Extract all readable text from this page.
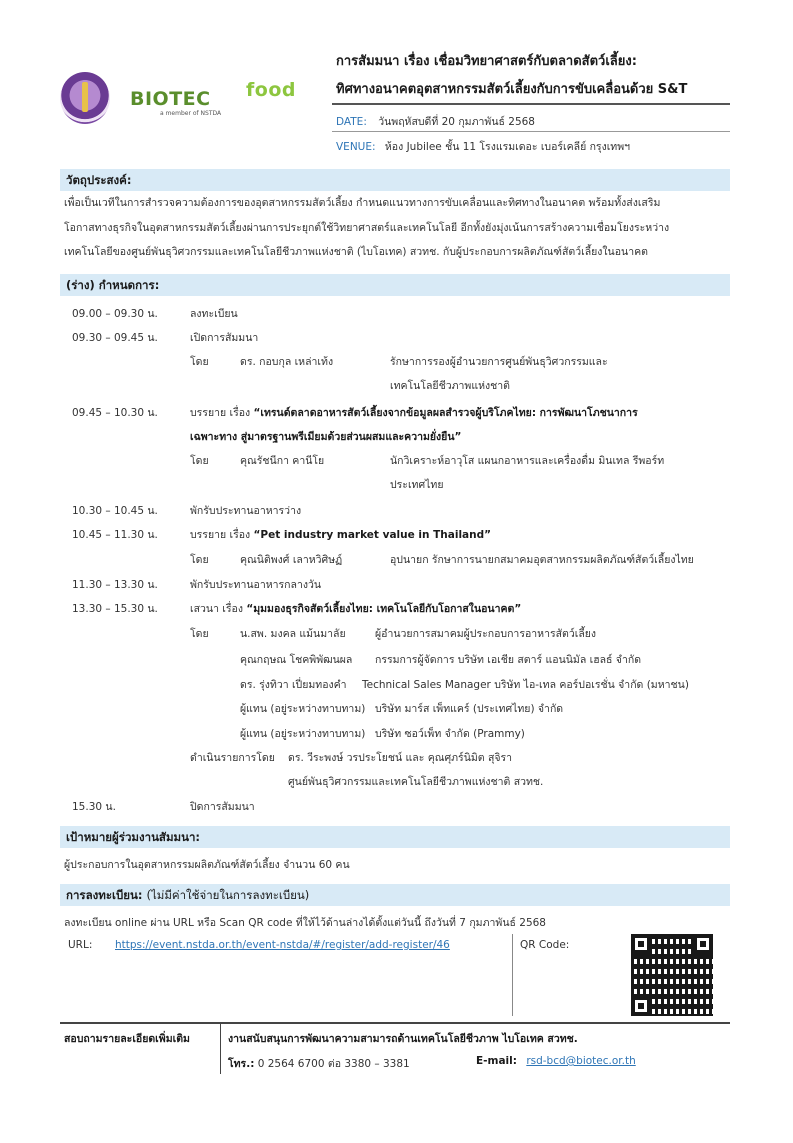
BIOTEC
a member of NSTDA
food
การสัมมนา เรื่อง เชื่อมวิทยาศาสตร์กับตลาดสัตว์เลี้ยง:
ทิศทางอนาคตอุตสาหกรรมสัตว์เลี้ยงกับการขับเคลื่อนด้วย S&T
DATE: วันพฤหัสบดีที่ 20 กุมภาพันธ์ 2568
VENUE: ห้อง Jubilee ชั้น 11 โรงแรมเดอะ เบอร์เคลีย์ กรุงเทพฯ
วัตถุประสงค์:
เพื่อเป็นเวทีในการสำรวจความต้องการของอุตสาหกรรมสัตว์เลี้ยง กำหนดแนวทางการขับเคลื่อนและทิศทางในอนาคต พร้อมทั้งส่งเสริม
โอกาสทางธุรกิจในอุตสาหกรรมสัตว์เลี้ยงผ่านการประยุกต์ใช้วิทยาศาสตร์และเทคโนโลยี อีกทั้งยังมุ่งเน้นการสร้างความเชื่อมโยงระหว่าง
เทคโนโลยีของศูนย์พันธุวิศวกรรมและเทคโนโลยีชีวภาพแห่งชาติ (ไบโอเทค) สวทช. กับผู้ประกอบการผลิตภัณฑ์สัตว์เลี้ยงในอนาคต
(ร่าง) กำหนดการ:
09.00 – 09.30 น.	ลงทะเบียน
09.30 – 09.45 น.	เปิดการสัมมนา
โดย	ดร. กอบกุล เหล่าเท้ง	รักษาการรองผู้อำนวยการศูนย์พันธุวิศวกรรมและ
เทคโนโลยีชีวภาพแห่งชาติ
09.45 – 10.30 น.	บรรยาย เรื่อง “เทรนด์ตลาดอาหารสัตว์เลี้ยงจากข้อมูลผลสำรวจผู้บริโภคไทย: การพัฒนาโภชนาการ
เฉพาะทาง สู่มาตรฐานพรีเมียมด้วยส่วนผสมและความยั่งยืน”
โดย	คุณรัชนีกา คานีโย	นักวิเคราะห์อาวุโส แผนกอาหารและเครื่องดื่ม มินเทล รีพอร์ท
ประเทศไทย
10.30 – 10.45 น.	พักรับประทานอาหารว่าง
10.45 – 11.30 น.	บรรยาย เรื่อง “Pet industry market value in Thailand”
โดย	คุณนิติพงศ์ เลาหวิศิษฏ์	อุปนายก รักษาการนายกสมาคมอุตสาหกรรมผลิตภัณฑ์สัตว์เลี้ยงไทย
11.30 – 13.30 น.	พักรับประทานอาหารกลางวัน
13.30 – 15.30 น.	เสวนา เรื่อง “มุมมองธุรกิจสัตว์เลี้ยงไทย: เทคโนโลยีกับโอกาสในอนาคต”
โดย	น.สพ. มงคล แม้นมาลัย	ผู้อำนวยการสมาคมผู้ประกอบการอาหารสัตว์เลี้ยง
คุณกฤษณ โชคพิพัฒนผล กรรมการผู้จัดการ บริษัท เอเชีย สตาร์ แอนนิมัล เฮลธ์ จำกัด
ดร. รุ่งทิวา เปี่ยมทองคำ Technical Sales Manager บริษัท ไอ-เทล คอร์ปอเรชั่น จำกัด (มหาชน)
ผู้แทน (อยู่ระหว่างทาบทาม) บริษัท มาร์ส เพ็ทแคร์ (ประเทศไทย) จำกัด
ผู้แทน (อยู่ระหว่างทาบทาม) บริษัท ซอว์เพ็ท จำกัด (Prammy)
ดำเนินรายการโดย ดร. วีระพงษ์ วรประโยชน์ และ คุณศุภร์นิมิต สุจิรา
ศูนย์พันธุวิศวกรรมและเทคโนโลยีชีวภาพแห่งชาติ สวทช.
15.30 น.	ปิดการสัมมนา
เป้าหมายผู้ร่วมงานสัมมนา:
ผู้ประกอบการในอุตสาหกรรมผลิตภัณฑ์สัตว์เลี้ยง จำนวน 60 คน
การลงทะเบียน: (ไม่มีค่าใช้จ่ายในการลงทะเบียน)
ลงทะเบียน online ผ่าน URL หรือ Scan QR code ที่ให้ไว้ด้านล่างได้ตั้งแต่วันนี้ ถึงวันที่ 7 กุมภาพันธ์ 2568
URL: https://event.nstda.or.th/event-nstda/#/register/add-register/46	QR Code:
สอบถามรายละเอียดเพิ่มเติม	งานสนับสนุนการพัฒนาความสามารถด้านเทคโนโลยีชีวภาพ ไบโอเทค สวทช.
โทร.: 0 2564 6700 ต่อ 3380 – 3381	E-mail: rsd-bcd@biotec.or.th
